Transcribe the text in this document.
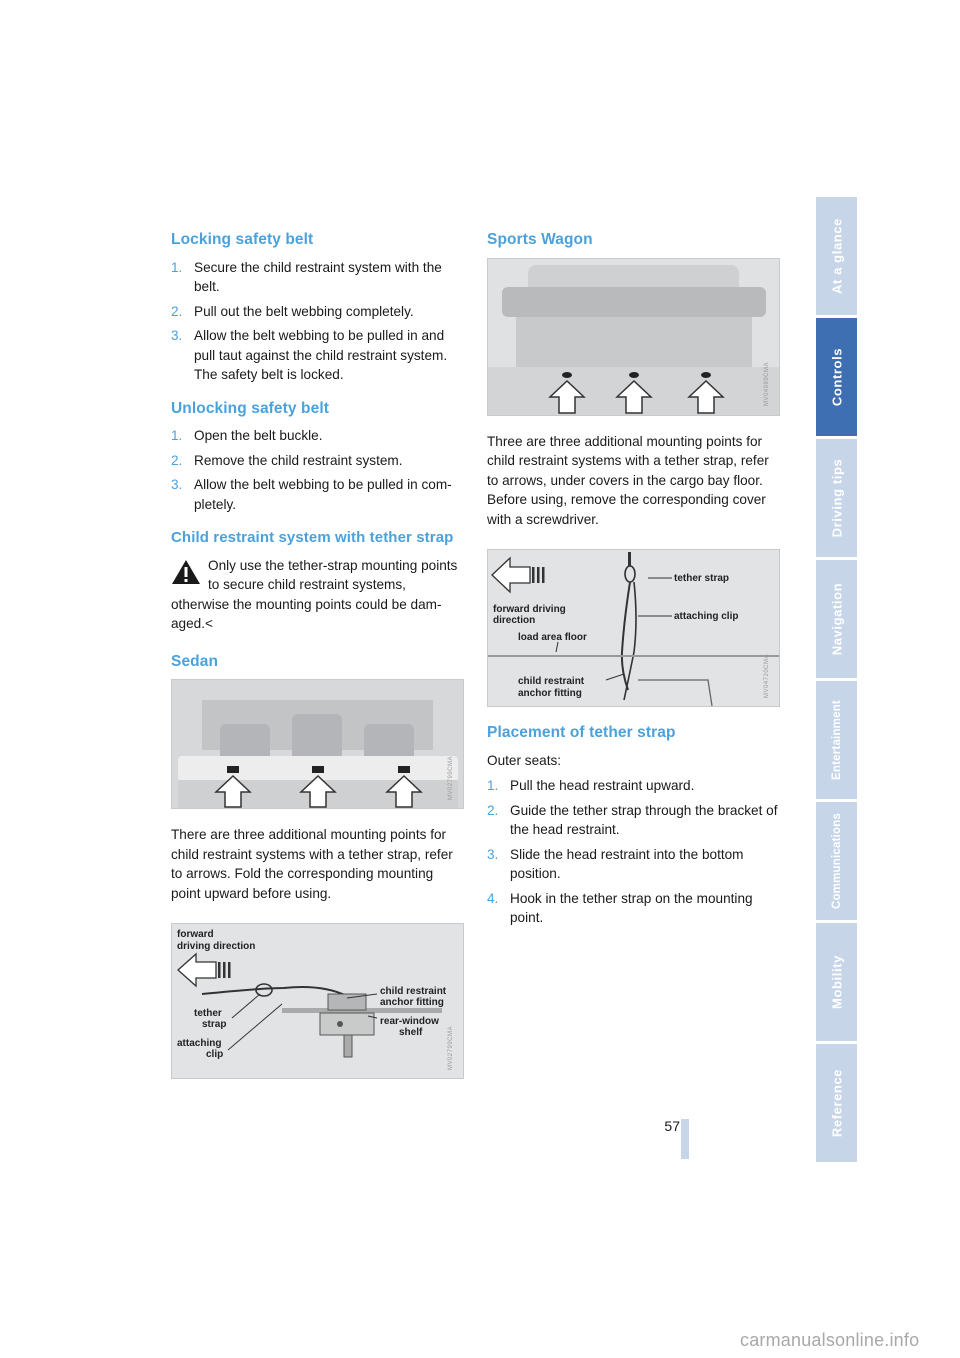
Locking safety belt
1. Secure the child restraint system with the belt.
2. Pull out the belt webbing completely.
3. Allow the belt webbing to be pulled in and pull taut against the child restraint system. The safety belt is locked.
Unlocking safety belt
1. Open the belt buckle.
2. Remove the child restraint system.
3. Allow the belt webbing to be pulled in com-pletely.
Child restraint system with tether strap
Only use the tether-strap mounting points to secure child restraint systems, otherwise the mounting points could be dam-aged.<
Sedan
MV02799CMA

There are three additional mounting points for child restraint systems with a tether strap, refer to arrows. Fold the corresponding mounting point upward before using.

forward
driving direction
child restraint
anchor fitting
rear-window
shelf
tether
strap
attaching
clip	MV02799CMA
Sports Wagon
MV04989CMA

Three are three additional mounting points for child restraint systems with a tether strap, refer to arrows, under covers in the cargo bay floor. Before using, remove the corresponding cover with a screwdriver.

tether strap
forward driving
direction	attaching clip
load area floor
child restraint
anchor fitting	MV04720CMA
Placement of tether strap

Outer seats:

1. Pull the head restraint upward.
2. Guide the tether strap through the bracket of the head restraint.
3. Slide the head restraint into the bottom position.
4. Hook in the tether strap on the mounting point.
At a glance
Controls
Driving tips
Navigation
Entertainment
Communications
Mobility
Reference
57
carmanualsonline.info
